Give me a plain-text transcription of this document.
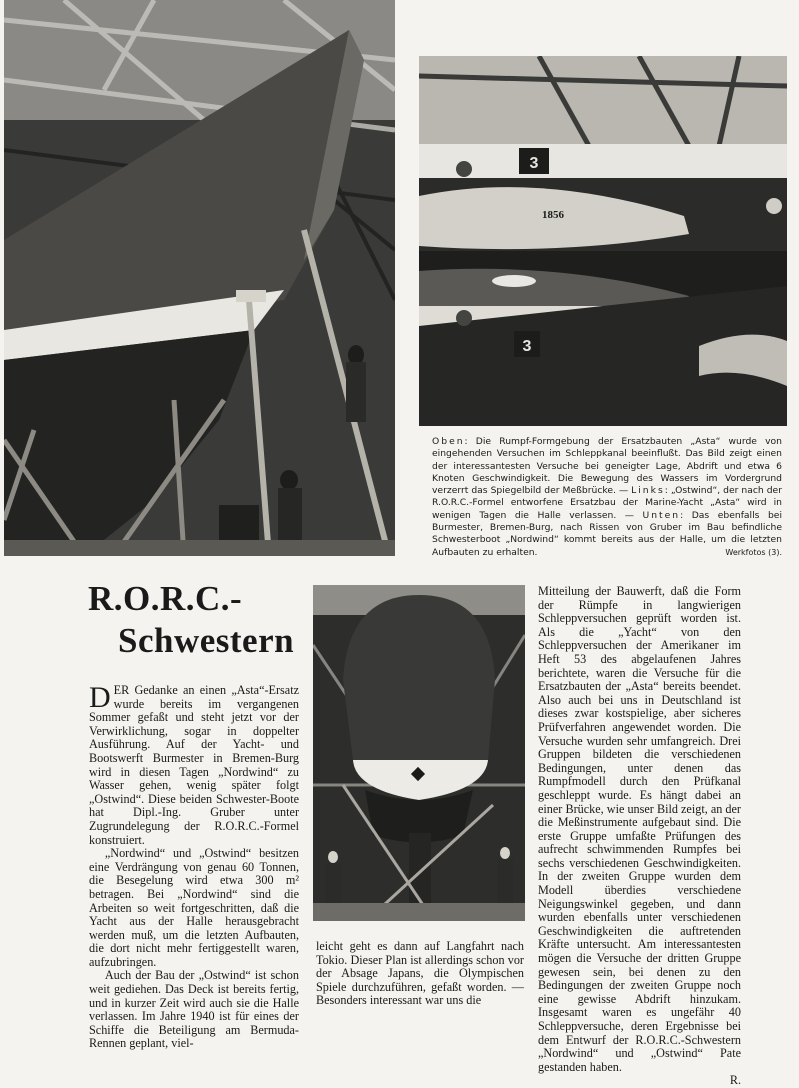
3
1856
3
Oben: Die Rumpf-Formgebung der Ersatzbauten „Asta“ wurde von eingehenden Versuchen im Schleppkanal beeinflußt. Das Bild zeigt einen der interessantesten Versuche bei geneigter Lage, Abdrift und etwa 6 Knoten Geschwindigkeit. Die Bewegung des Wassers im Vordergrund verzerrt das Spiegelbild der Meßbrücke. — Links: „Ostwind“, der nach der R.O.R.C.-Formel entworfene Ersatzbau der Marine-Yacht „Asta“ wird in wenigen Tagen die Halle verlassen. — Unten: Das ebenfalls bei Burmester, Bremen-Burg, nach Rissen von Gruber im Bau befindliche Schwesterboot „Nordwind“ kommt bereits aus der Halle, um die letzten Aufbauten zu erhalten.	Werkfotos (3).
R.O.R.C.-
Schwestern

DER Gedanke an einen „Asta“-Ersatz wurde bereits im vergangenen Sommer gefaßt und steht jetzt vor der Verwirklichung, sogar in doppelter Ausführung. Auf der Yacht- und Bootswerft Burmester in Bremen-Burg wird in diesen Tagen „Nordwind“ zu Wasser gehen, wenig später folgt „Ostwind“. Diese beiden Schwester-Boote hat Dipl.-Ing. Gruber unter Zugrundelegung der R.O.R.C.-Formel konstruiert.

„Nordwind“ und „Ostwind“ besitzen eine Verdrängung von genau 60 Tonnen, die Besegelung wird etwa 300 m² betragen. Bei „Nordwind“ sind die Arbeiten so weit fortgeschritten, daß die Yacht aus der Halle herausgebracht werden muß, um die letzten Aufbauten, die dort nicht mehr fertiggestellt waren, aufzubringen.

Auch der Bau der „Ostwind“ ist schon weit gediehen. Das Deck ist bereits fertig, und in kurzer Zeit wird auch sie die Halle verlassen. Im Jahre 1940 ist für eines der Schiffe die Beteiligung am Bermuda-Rennen geplant, viel-

leicht geht es dann auf Langfahrt nach Tokio. Dieser Plan ist allerdings schon vor der Absage Japans, die Olympischen Spiele durchzuführen, gefaßt worden. — Besonders interessant war uns die

Mitteilung der Bauwerft, daß die Form der Rümpfe in langwierigen Schleppversuchen geprüft worden ist. Als die „Yacht“ von den Schleppversuchen der Amerikaner im Heft 53 des abgelaufenen Jahres berichtete, waren die Versuche für die Ersatzbauten der „Asta“ bereits beendet. Also auch bei uns in Deutschland ist dieses zwar kostspielige, aber sicheres Prüfverfahren angewendet worden. Die Versuche wurden sehr umfangreich. Drei Gruppen bildeten die verschiedenen Bedingungen, unter denen das Rumpfmodell durch den Prüfkanal geschleppt wurde. Es hängt dabei an einer Brücke, wie unser Bild zeigt, an der die Meßinstrumente aufgebaut sind. Die erste Gruppe umfaßte Prüfungen des aufrecht schwimmenden Rumpfes bei sechs verschiedenen Geschwindigkeiten. In der zweiten Gruppe wurden dem Modell überdies verschiedene Neigungswinkel gegeben, und dann wurden ebenfalls unter verschiedenen Geschwindigkeiten die auftretenden Kräfte untersucht. Am interessantesten mögen die Versuche der dritten Gruppe gewesen sein, bei denen zu den Bedingungen der zweiten Gruppe noch eine gewisse Abdrift hinzukam. Insgesamt waren es ungefähr 40 Schleppversuche, deren Ergebnisse bei dem Entwurf der R.O.R.C.-Schwestern „Nordwind“ und „Ostwind“ Pate gestanden haben.

R.
